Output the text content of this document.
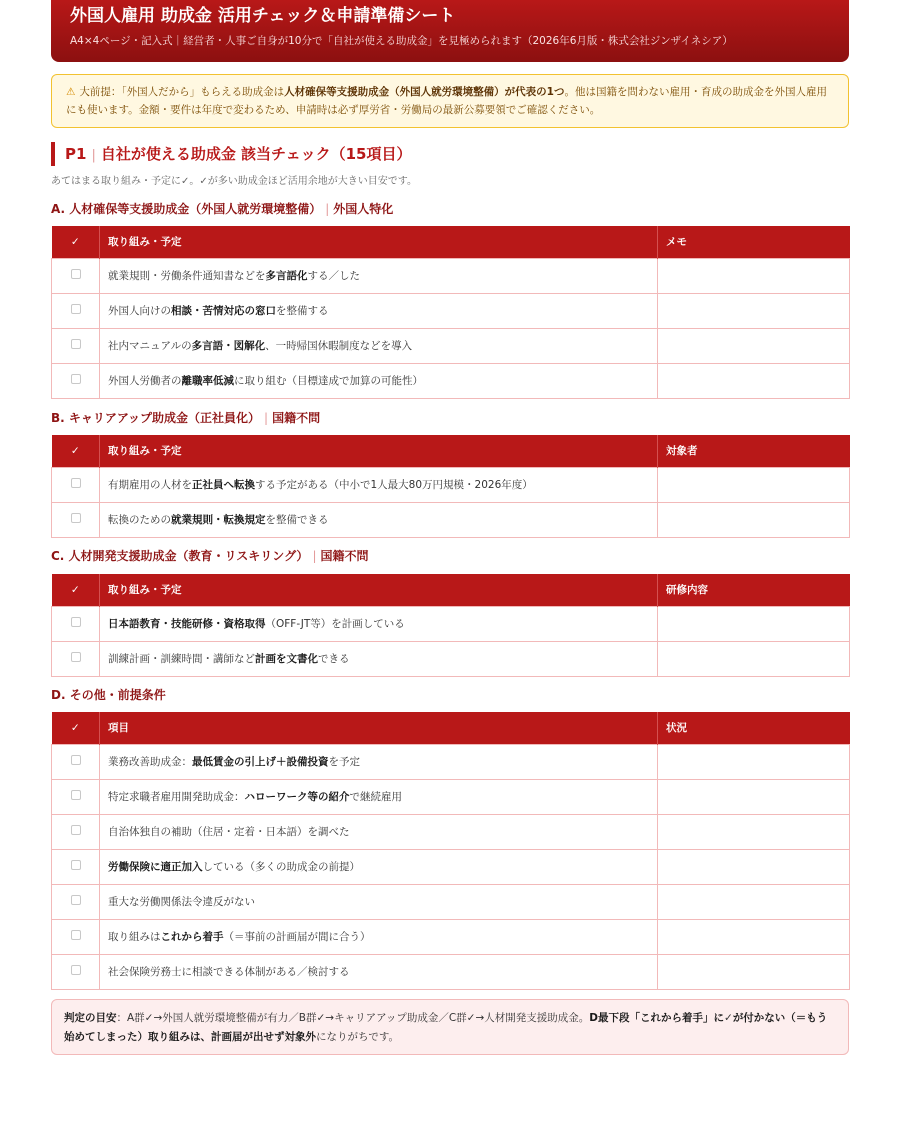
外国人雇用 助成金 活用チェック＆申請準備シート
A4×4ページ・記入式｜経営者・人事ご自身が10分で「自社が使える助成金」を見極められます（2026年6月版・株式会社ジンザイネシア）
⚠ 大前提：「外国人だから」もらえる助成金は人材確保等支援助成金（外国人就労環境整備）が代表の1つ。他は国籍を問わない雇用・育成の助成金を外国人雇用にも使います。金額・要件は年度で変わるため、申請時は必ず厚労省・労働局の最新公募要領でご確認ください。
P1 | 自社が使える助成金 該当チェック（15項目）
あてはまる取り組み・予定に✓。✓が多い助成金ほど活用余地が大きい目安です。
A. 人材確保等支援助成金（外国人就労環境整備） | 外国人特化
✓	取り組み・予定	メモ
	就業規則・労働条件通知書などを多言語化する／した	
	外国人向けの相談・苦情対応の窓口を整備する	
	社内マニュアルの多言語・図解化、一時帰国休暇制度などを導入	
	外国人労働者の離職率低減に取り組む（目標達成で加算の可能性）	
B. キャリアアップ助成金（正社員化） | 国籍不問
✓	取り組み・予定	対象者
	有期雇用の人材を正社員へ転換する予定がある（中小で1人最大80万円規模・2026年度）	
	転換のための就業規則・転換規定を整備できる	
C. 人材開発支援助成金（教育・リスキリング） | 国籍不問
✓	取り組み・予定	研修内容
	日本語教育・技能研修・資格取得（OFF-JT等）を計画している	
	訓練計画・訓練時間・講師など計画を文書化できる	
D. その他・前提条件
✓	項目	状況
	業務改善助成金：最低賃金の引上げ＋設備投資を予定	
	特定求職者雇用開発助成金：ハローワーク等の紹介で継続雇用	
	自治体独自の補助（住居・定着・日本語）を調べた	
	労働保険に適正加入している（多くの助成金の前提）	
	重大な労働関係法令違反がない	
	取り組みはこれから着手（＝事前の計画届が間に合う）	
	社会保険労務士に相談できる体制がある／検討する	
判定の目安：A群✓→外国人就労環境整備が有力／B群✓→キャリアアップ助成金／C群✓→人材開発支援助成金。D最下段「これから着手」に✓が付かない（＝もう始めてしまった）取り組みは、計画届が出せず対象外になりがちです。
